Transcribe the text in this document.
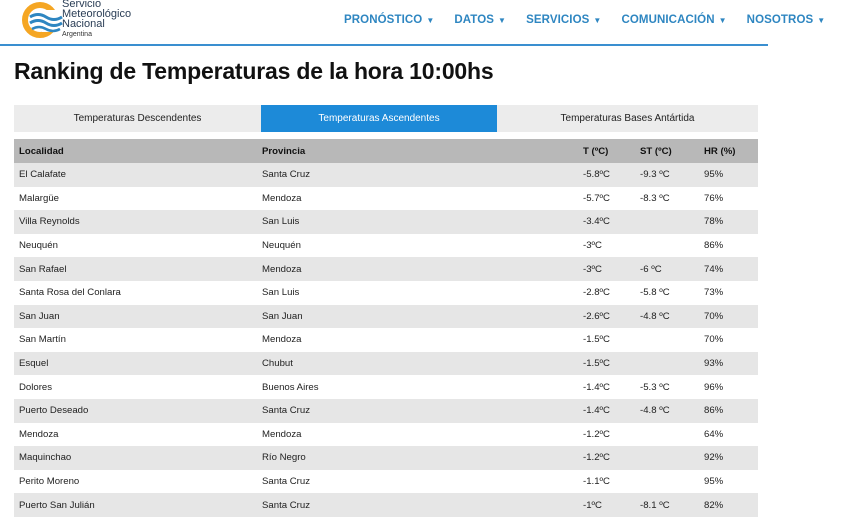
Servicio
Meteorológico
Nacional
Argentina
PRONÓSTICO ▼ DATOS ▼ SERVICIOS ▼ COMUNICACIÓN ▼ NOSOTROS ▼
Ranking de Temperaturas de la hora 10:00hs
Temperaturas Descendentes	Temperaturas Ascendentes	Temperaturas Bases Antártida
Localidad	Provincia	T (ºC)	ST (ºC)	HR (%)
El Calafate	Santa Cruz	-5.8ºC	-9.3 ºC	95%
Malargüe	Mendoza	-5.7ºC	-8.3 ºC	76%
Villa Reynolds	San Luis	-3.4ºC		78%
Neuquén	Neuquén	-3ºC		86%
San Rafael	Mendoza	-3ºC	-6 ºC	74%
Santa Rosa del Conlara	San Luis	-2.8ºC	-5.8 ºC	73%
San Juan	San Juan	-2.6ºC	-4.8 ºC	70%
San Martín	Mendoza	-1.5ºC		70%
Esquel	Chubut	-1.5ºC		93%
Dolores	Buenos Aires	-1.4ºC	-5.3 ºC	96%
Puerto Deseado	Santa Cruz	-1.4ºC	-4.8 ºC	86%
Mendoza	Mendoza	-1.2ºC		64%
Maquinchao	Río Negro	-1.2ºC		92%
Perito Moreno	Santa Cruz	-1.1ºC		95%
Puerto San Julián	Santa Cruz	-1ºC	-8.1 ºC	82%
